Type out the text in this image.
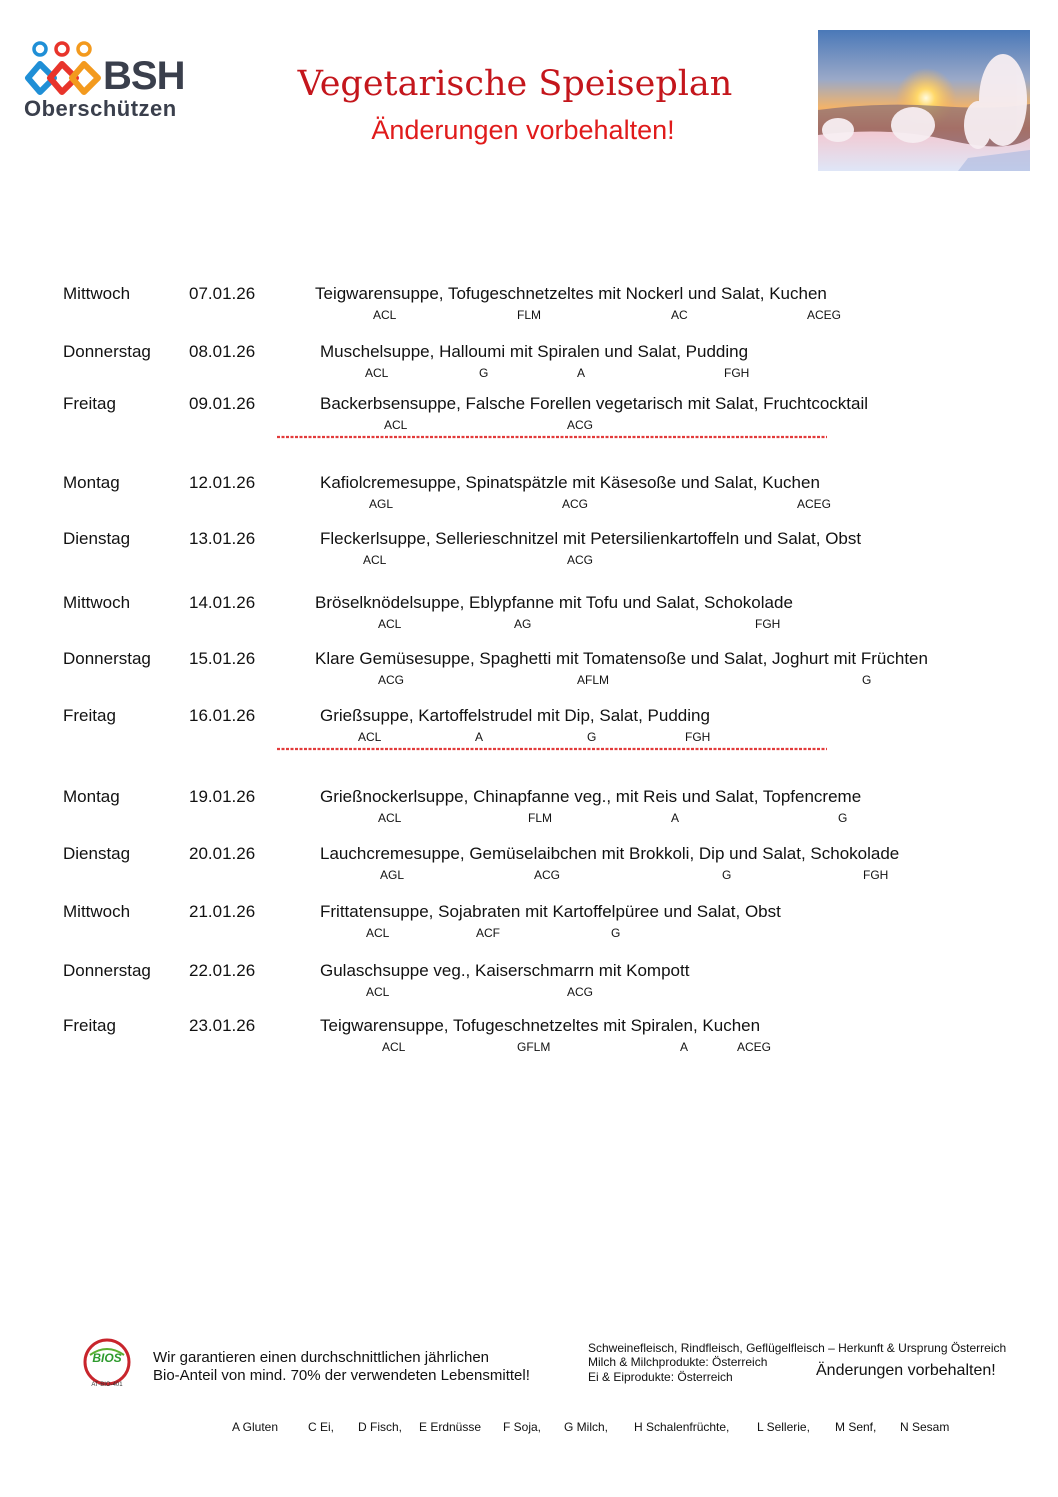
BSH
Oberschützen
Vegetarische Speiseplan
Änderungen vorbehalten!
Mittwoch	07.01.26	Teigwarensuppe, Tofugeschnetzeltes mit Nockerl und Salat, Kuchen
ACL	FLM	AC	ACEG
Donnerstag 08.01.26	Muschelsuppe, Halloumi mit Spiralen und Salat, Pudding
ACL	G	A	FGH
Freitag	09.01.26	Backerbsensuppe, Falsche Forellen vegetarisch mit Salat, Fruchtcocktail
ACL	ACG
Montag	12.01.26	Kafiolcremesuppe, Spinatspätzle mit Käsesoße und Salat, Kuchen
AGL	ACG	ACEG
Dienstag	13.01.26	Fleckerlsuppe, Sellerieschnitzel mit Petersilienkartoffeln und Salat, Obst
ACL	ACG
Mittwoch	14.01.26	Bröselknödelsuppe, Eblypfanne mit Tofu und Salat, Schokolade
ACL	AG	FGH
Donnerstag 15.01.26	Klare Gemüsesuppe, Spaghetti mit Tomatensoße und Salat, Joghurt mit Früchten
ACG	AFLM	G
Freitag	16.01.26	Grießsuppe, Kartoffelstrudel mit Dip, Salat, Pudding
ACL	A	G	FGH
Montag	19.01.26	Grießnockerlsuppe, Chinapfanne veg., mit Reis und Salat, Topfencreme
ACL	FLM	A	G
Dienstag	20.01.26	Lauchcremesuppe, Gemüselaibchen mit Brokkoli, Dip und Salat, Schokolade
AGL	ACG	G	FGH
Mittwoch	21.01.26	Frittatensuppe, Sojabraten mit Kartoffelpüree und Salat, Obst
ACL	ACF	G
Donnerstag 22.01.26	Gulaschsuppe veg., Kaiserschmarrn mit Kompott
ACL	ACG
Freitag	23.01.26	Teigwarensuppe, Tofugeschnetzeltes mit Spiralen, Kuchen
ACL	GFLM	A	ACEG
BIOS
AT-BIO-401
Wir garantieren einen durchschnittlichen jährlichen
Bio-Anteil von mind. 70% der verwendeten Lebensmittel!
Schweinefleisch, Rindfleisch, Geflügelfleisch – Herkunft & Ursprung Österreich
Milch & Milchprodukte: Österreich
Ei & Eiprodukte: Österreich	Änderungen vorbehalten!
A Gluten C Ei, D Fisch, E Erdnüsse F Soja, G Milch, H Schalenfrüchte, L Sellerie, M Senf, N Sesam
